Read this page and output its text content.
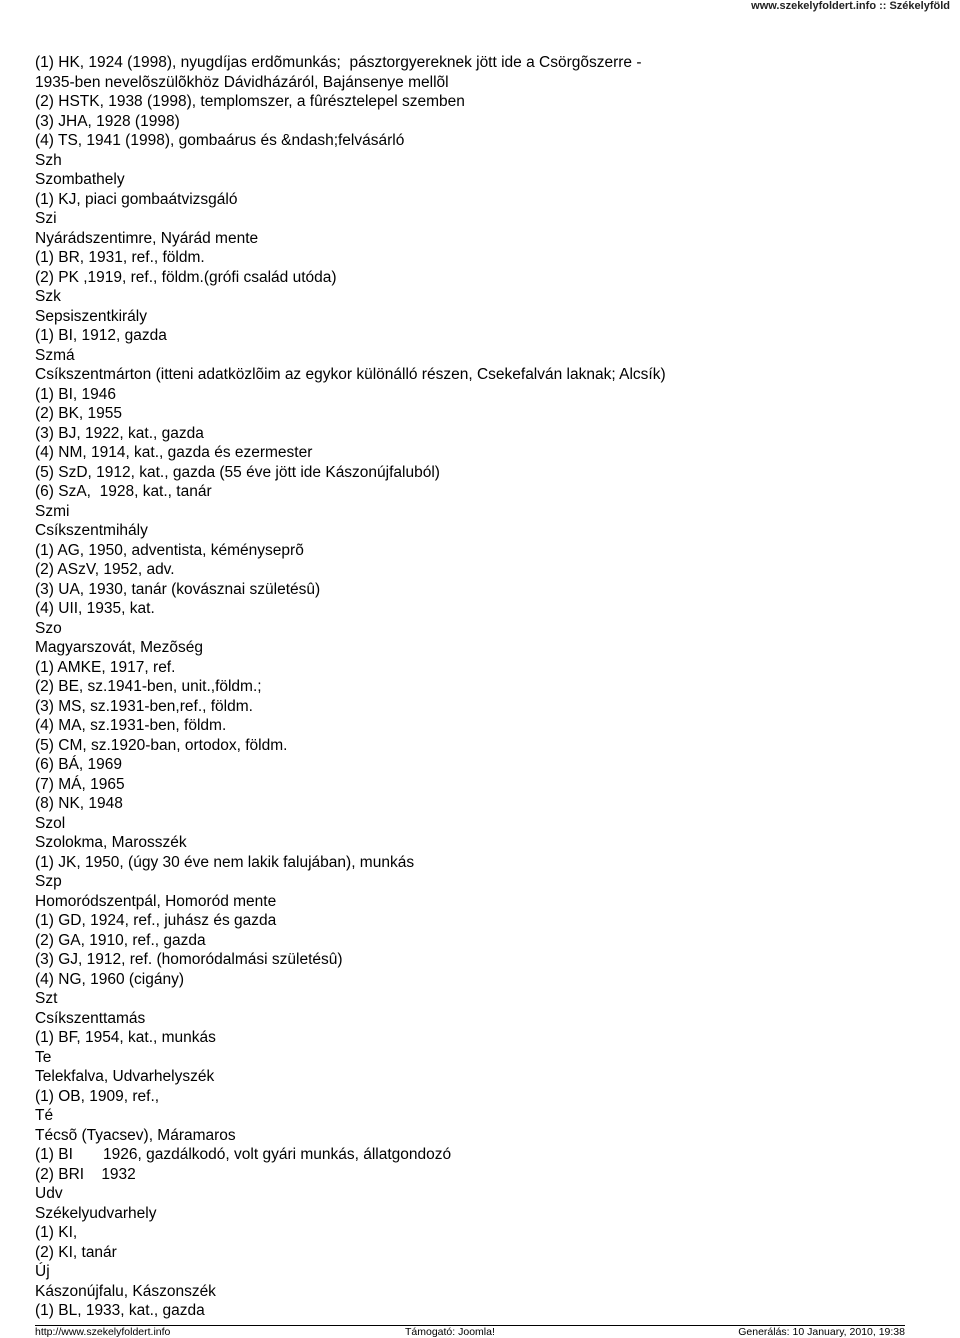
www.szekelyfoldert.info :: Székelyföld
(1) HK, 1924 (1998), nyugdíjas erdõmunkás;  pásztorgyereknek jött ide a Csörgõszerre -
1935-ben nevelõszülõkhöz Dávidházáról, Bajánsenye mellõl
(2) HSTK, 1938 (1998), templomszer, a fûrésztelepel szemben
(3) JHA, 1928 (1998)
(4) TS, 1941 (1998), gombaárus és &ndash;felvásárló
Szh
Szombathely
(1) KJ, piaci gombaátvizsgáló
Szi
Nyárádszentimre, Nyárád mente
(1) BR, 1931, ref., földm.
(2) PK ,1919, ref., földm.(grófi család utóda)
Szk
Sepsiszentkirály
(1) BI, 1912, gazda
Szmá
Csíkszentmárton (itteni adatközlõim az egykor különálló részen, Csekefalván laknak; Alcsík)
(1) BI, 1946
(2) BK, 1955
(3) BJ, 1922, kat., gazda
(4) NM, 1914, kat., gazda és ezermester
(5) SzD, 1912, kat., gazda (55 éve jött ide Kászonújfaluból)
(6) SzA,  1928, kat., tanár
Szmi
Csíkszentmihály
(1) AG, 1950, adventista, kéményseprõ
(2) ASzV, 1952, adv.
(3) UA, 1930, tanár (kovásznai születésû)
(4) UII, 1935, kat.
Szo
Magyarszovát, Mezõség
(1) AMKE, 1917, ref.
(2) BE, sz.1941-ben, unit.,földm.;
(3) MS, sz.1931-ben,ref., földm.
(4) MA, sz.1931-ben, földm.
(5) CM, sz.1920-ban, ortodox, földm.
(6) BÁ, 1969
(7) MÁ, 1965
(8) NK, 1948
Szol
Szolokma, Marosszék
(1) JK, 1950, (úgy 30 éve nem lakik falujában), munkás
Szp
Homoródszentpál, Homoród mente
(1) GD, 1924, ref., juhász és gazda
(2) GA, 1910, ref., gazda
(3) GJ, 1912, ref. (homoródalmási születésû)
(4) NG, 1960 (cigány)
Szt
Csíkszenttamás
(1) BF, 1954, kat., munkás
Te
Telekfalva, Udvarhelyszék
(1) OB, 1909, ref.,
Té
Técsõ (Tyacsev), Máramaros
(1) BI       1926, gazdálkodó, volt gyári munkás, állatgondozó
(2) BRI    1932
Udv
Székelyudvarhely
(1) KI,
(2) KI, tanár
Új
Kászonújfalu, Kászonszék
(1) BL, 1933, kat., gazda
http://www.szekelyfoldert.info	Támogató: Joomla!	Generálás: 10 January, 2010, 19:38
